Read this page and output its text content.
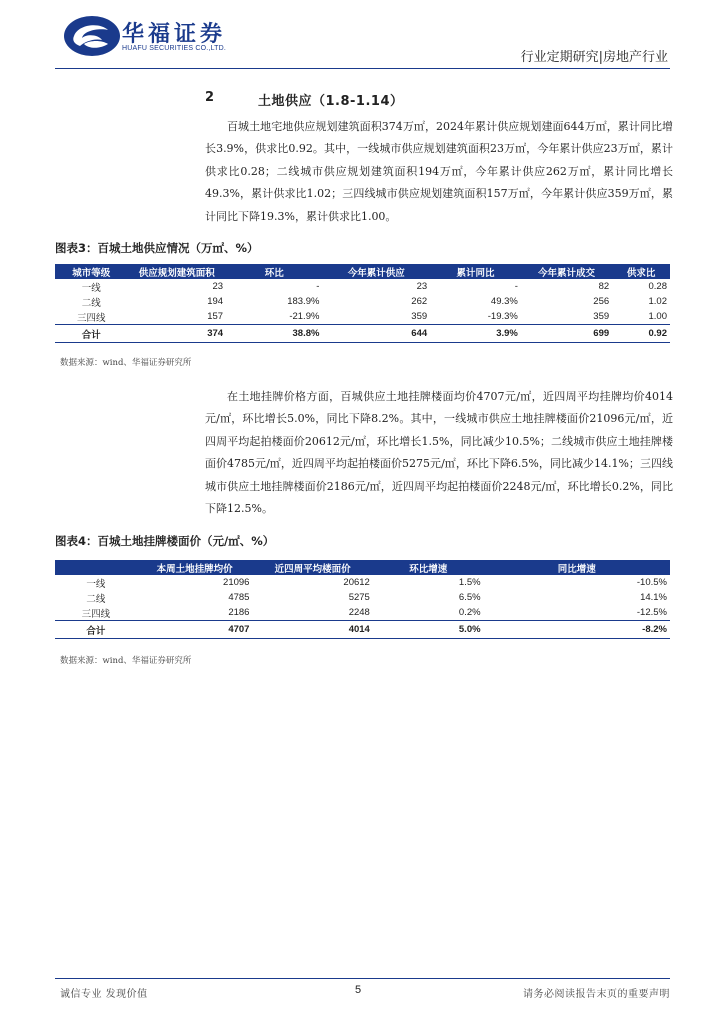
华福证券
HUAFU SECURITIES CO.,LTD.
行业定期研究|房地产行业
2	土地供应（1.8-1.14）
百城土地宅地供应规划建筑面积374万㎡，2024年累计供应规划建面644万㎡，累计同比增长3.9%，供求比0.92。其中，一线城市供应规划建筑面积23万㎡，今年累计供应23万㎡，累计供求比0.28；二线城市供应规划建筑面积194万㎡，今年累计供应262万㎡，累计同比增长49.3%，累计供求比1.02；三四线城市供应规划建筑面积157万㎡，今年累计供应359万㎡，累计同比下降19.3%，累计供求比1.00。
图表3：百城土地供应情况（万㎡、%）
城市等级	供应规划建筑面积	环比	今年累计供应	累计同比	今年累计成交	供求比
一线	23	-	23	-	82	0.28
二线	194	183.9%	262	49.3%	256	1.02
三四线	157	-21.9%	359	-19.3%	359	1.00
合计	374	38.8%	644	3.9%	699	0.92
数据来源：wind、华福证券研究所
在土地挂牌价格方面，百城供应土地挂牌楼面均价4707元/㎡，近四周平均挂牌均价4014元/㎡，环比增长5.0%，同比下降8.2%。其中，一线城市供应土地挂牌楼面价21096元/㎡，近四周平均起拍楼面价20612元/㎡，环比增长1.5%，同比减少10.5%；二线城市供应土地挂牌楼面价4785元/㎡，近四周平均起拍楼面价5275元/㎡，环比下降6.5%，同比减少14.1%；三四线城市供应土地挂牌楼面价2186元/㎡，近四周平均起拍楼面价2248元/㎡，环比增长0.2%，同比下降12.5%。
图表4：百城土地挂牌楼面价（元/㎡、%）
	本周土地挂牌均价	近四周平均楼面价	环比增速	同比增速
一线	21096	20612	1.5%	-10.5%
二线	4785	5275	6.5%	14.1%
三四线	2186	2248	0.2%	-12.5%
合计	4707	4014	5.0%	-8.2%
数据来源：wind、华福证券研究所
诚信专业 发现价值	5	请务必阅读报告末页的重要声明
